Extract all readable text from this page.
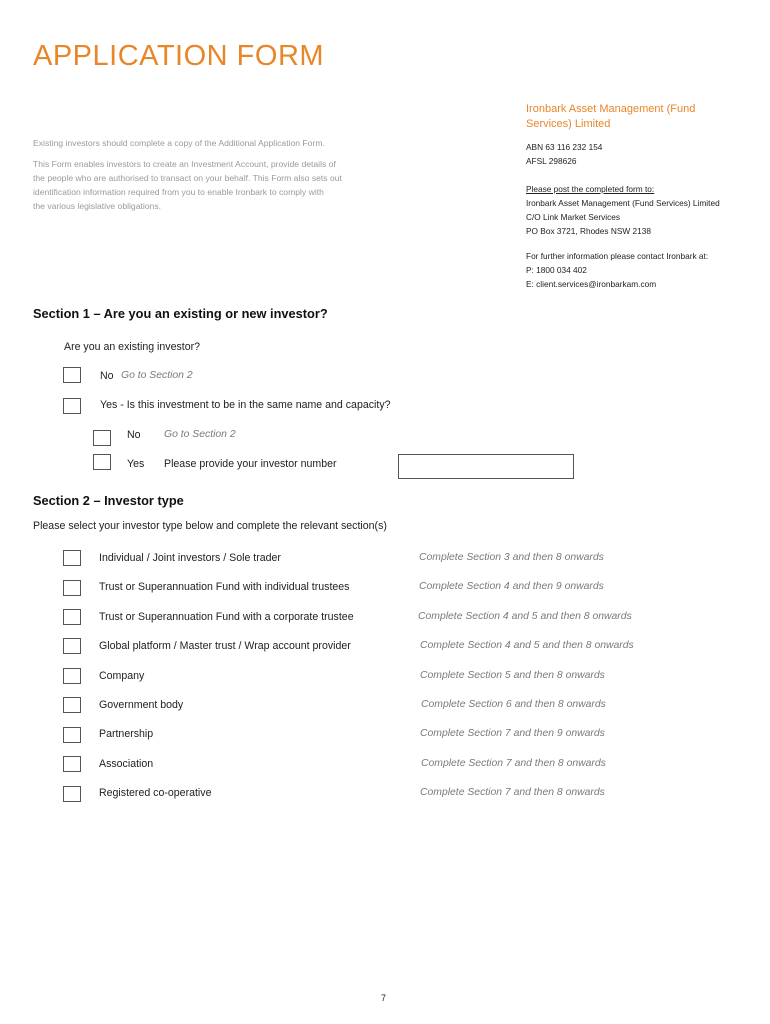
APPLICATION FORM
Existing investors should complete a copy of the Additional Application Form.
This Form enables investors to create an Investment Account, provide details of
the people who are authorised to transact on your behalf. This Form also sets out
identification information required from you to enable Ironbark to comply with
the various legislative obligations.
Ironbark Asset Management (Fund
Services) Limited
ABN 63 116 232 154
AFSL 298626
Please post the completed form to:
Ironbark Asset Management (Fund Services) Limited
C/O Link Market Services
PO Box 3721, Rhodes NSW 2138
For further information please contact Ironbark at:
P: 1800 034 402
E: client.services@ironbarkam.com
Section 1 – Are you an existing or new investor?
Are you an existing investor?
No Go to Section 2
Yes - Is this investment to be in the same name and capacity?
No Go to Section 2
Yes Please provide your investor number
Section 2 – Investor type
Please select your investor type below and complete the relevant section(s)
Individual / Joint investors / Sole trader	Complete Section 3 and then 8 onwards
Trust or Superannuation Fund with individual trustees	Complete Section 4 and then 9 onwards
Trust or Superannuation Fund with a corporate trustee	Complete Section 4 and 5 and then 8 onwards
Global platform / Master trust / Wrap account provider	Complete Section 4 and 5 and then 8 onwards
Company	Complete Section 5 and then 8 onwards
Government body	Complete Section 6 and then 8 onwards
Partnership	Complete Section 7 and then 9 onwards
Association	Complete Section 7 and then 8 onwards
Registered co-operative	Complete Section 7 and then 8 onwards
7
